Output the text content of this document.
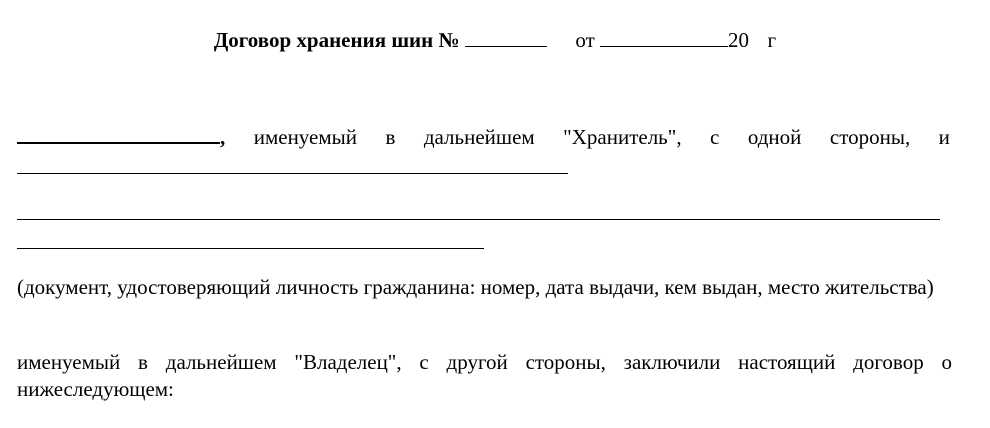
Договор хранения шин №	от	20 г
, именуемый в дальнейшем "Хранитель", с одной стороны, и
(документ, удостоверяющий личность гражданина: номер, дата выдачи, кем выдан, место жительства)
именуемый в дальнейшем "Владелец", с другой стороны, заключили настоящий договор о нижеследующем:
